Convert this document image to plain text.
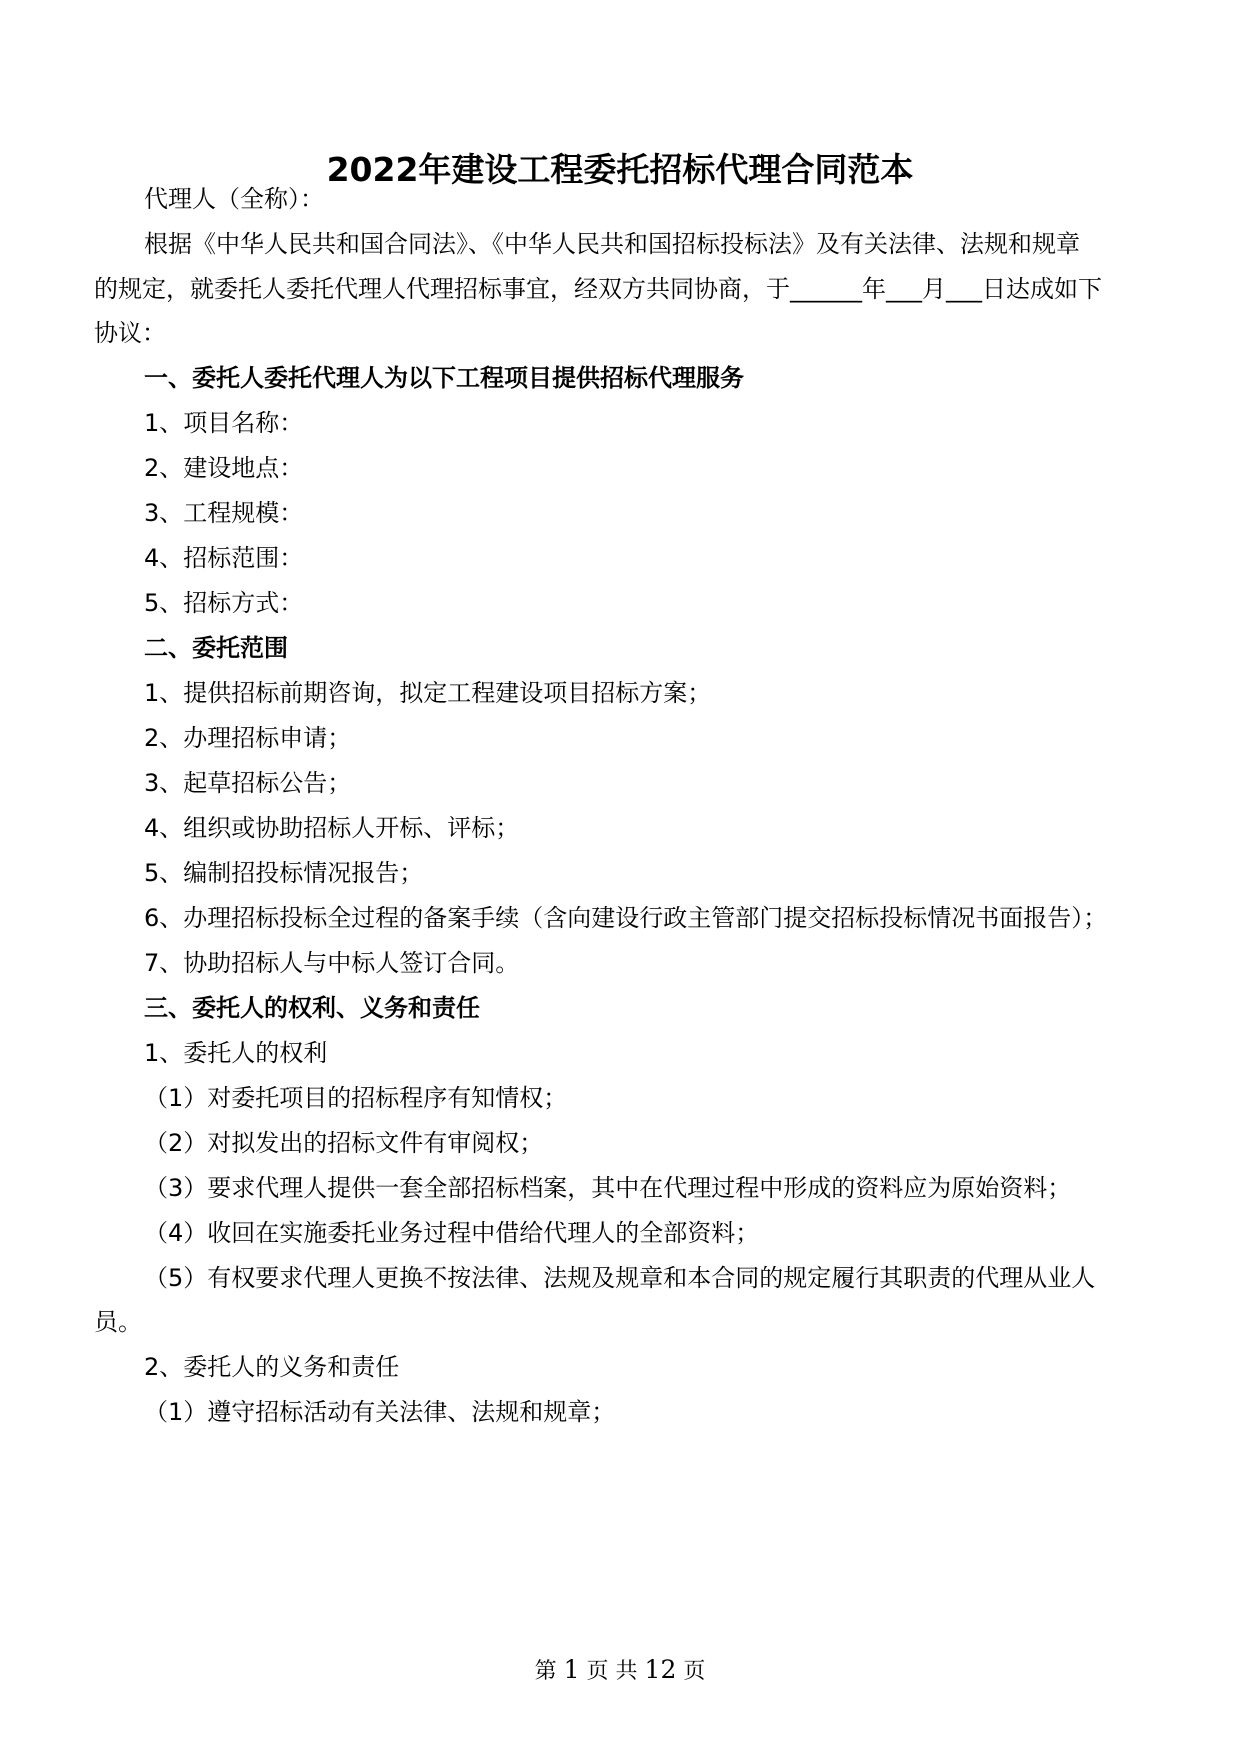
2022年建设工程委托招标代理合同范本
代理人（全称）：
根据《中华人民共和国合同法》、《中华人民共和国招标投标法》及有关法律、法规和规章
的规定，就委托人委托代理人代理招标事宜，经双方共同协商，于______年___月___日达成如下
协议：
一、委托人委托代理人为以下工程项目提供招标代理服务
1、项目名称：
2、建设地点：
3、工程规模：
4、招标范围：
5、招标方式：
二、委托范围
1、提供招标前期咨询，拟定工程建设项目招标方案；
2、办理招标申请；
3、起草招标公告；
4、组织或协助招标人开标、评标；
5、编制招投标情况报告；
6、办理招标投标全过程的备案手续（含向建设行政主管部门提交招标投标情况书面报告）；
7、协助招标人与中标人签订合同。
三、委托人的权利、义务和责任
1、委托人的权利
（1）对委托项目的招标程序有知情权；
（2）对拟发出的招标文件有审阅权；
（3）要求代理人提供一套全部招标档案，其中在代理过程中形成的资料应为原始资料；
（4）收回在实施委托业务过程中借给代理人的全部资料；
（5）有权要求代理人更换不按法律、法规及规章和本合同的规定履行其职责的代理从业人
员。
2、委托人的义务和责任
（1）遵守招标活动有关法律、法规和规章；
第 1 页 共 12 页
